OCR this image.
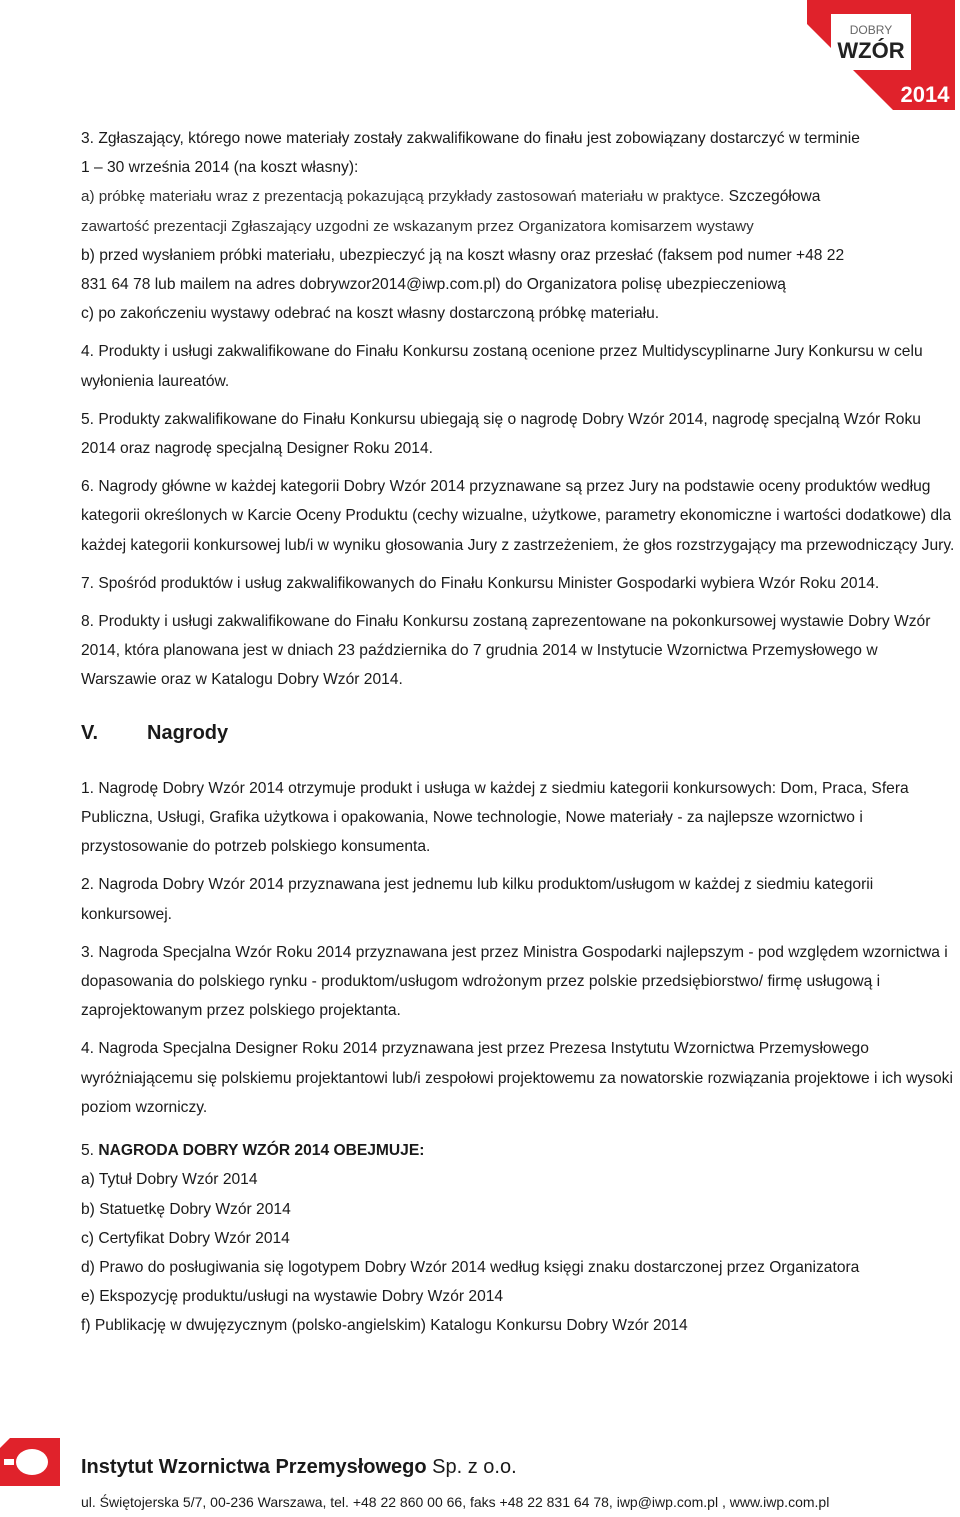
DOBRY
WZÓR
2014

3. Zgłaszający, którego nowe materiały zostały zakwalifikowane do finału jest zobowiązany dostarczyć w terminie

1 – 30 września 2014 (na koszt własny):

a) próbkę materiału wraz z prezentacją pokazującą przykłady zastosowań materiału w praktyce. Szczegółowa

zawartość prezentacji Zgłaszający uzgodni ze wskazanym przez Organizatora komisarzem wystawy

b) przed wysłaniem próbki materiału, ubezpieczyć ją na koszt własny oraz przesłać (faksem pod numer +48 22

831 64 78 lub mailem na adres dobrywzor2014@iwp.com.pl) do Organizatora polisę ubezpieczeniową

c) po zakończeniu wystawy odebrać na koszt własny dostarczoną próbkę materiału.

4. Produkty i usługi zakwalifikowane do Finału Konkursu zostaną ocenione przez Multidyscyplinarne Jury Konkursu w celu wyłonienia laureatów.

5. Produkty zakwalifikowane do Finału Konkursu ubiegają się o nagrodę Dobry Wzór 2014, nagrodę specjalną Wzór Roku 2014 oraz nagrodę specjalną Designer Roku 2014.

6. Nagrody główne w każdej kategorii Dobry Wzór 2014 przyznawane są przez Jury na podstawie oceny produktów według kategorii określonych w Karcie Oceny Produktu (cechy wizualne, użytkowe, parametry ekonomiczne i wartości dodatkowe) dla każdej kategorii konkursowej lub/i w wyniku głosowania Jury z zastrzeżeniem, że głos rozstrzygający ma przewodniczący Jury.

7. Spośród produktów i usług zakwalifikowanych do Finału Konkursu Minister Gospodarki wybiera Wzór Roku 2014.

8. Produkty i usługi zakwalifikowane do Finału Konkursu zostaną zaprezentowane na pokonkursowej wystawie Dobry Wzór 2014, która planowana jest w dniach 23 października do 7 grudnia 2014 w Instytucie Wzornictwa Przemysłowego w Warszawie oraz w Katalogu Dobry Wzór 2014.

V.	Nagrody

1. Nagrodę Dobry Wzór 2014 otrzymuje produkt i usługa w każdej z siedmiu kategorii konkursowych: Dom, Praca, Sfera Publiczna, Usługi, Grafika użytkowa i opakowania, Nowe technologie, Nowe materiały - za najlepsze wzornictwo i przystosowanie do potrzeb polskiego konsumenta.

2. Nagroda Dobry Wzór 2014 przyznawana jest jednemu lub kilku produktom/usługom w każdej z siedmiu kategorii konkursowej.

3. Nagroda Specjalna Wzór Roku 2014 przyznawana jest przez Ministra Gospodarki najlepszym - pod względem wzornictwa i dopasowania do polskiego rynku - produktom/usługom wdrożonym przez polskie przedsiębiorstwo/ firmę usługową i zaprojektowanym przez polskiego projektanta.

4. Nagroda Specjalna Designer Roku 2014 przyznawana jest przez Prezesa Instytutu Wzornictwa Przemysłowego wyróżniającemu się polskiemu projektantowi lub/i zespołowi projektowemu za nowatorskie rozwiązania projektowe i ich wysoki poziom wzorniczy.

5. NAGRODA DOBRY WZÓR 2014 OBEJMUJE:

a) Tytuł Dobry Wzór 2014

b) Statuetkę Dobry Wzór 2014

c) Certyfikat Dobry Wzór 2014

d) Prawo do posługiwania się logotypem Dobry Wzór 2014 według księgi znaku dostarczonej przez Organizatora

e) Ekspozycję produktu/usługi na wystawie Dobry Wzór 2014

f) Publikację w dwujęzycznym (polsko-angielskim) Katalogu Konkursu Dobry Wzór 2014

Instytut Wzornictwa Przemysłowego Sp. z o.o.
ul. Świętojerska 5/7, 00-236 Warszawa, tel. +48 22 860 00 66, faks +48 22 831 64 78, iwp@iwp.com.pl , www.iwp.com.pl
